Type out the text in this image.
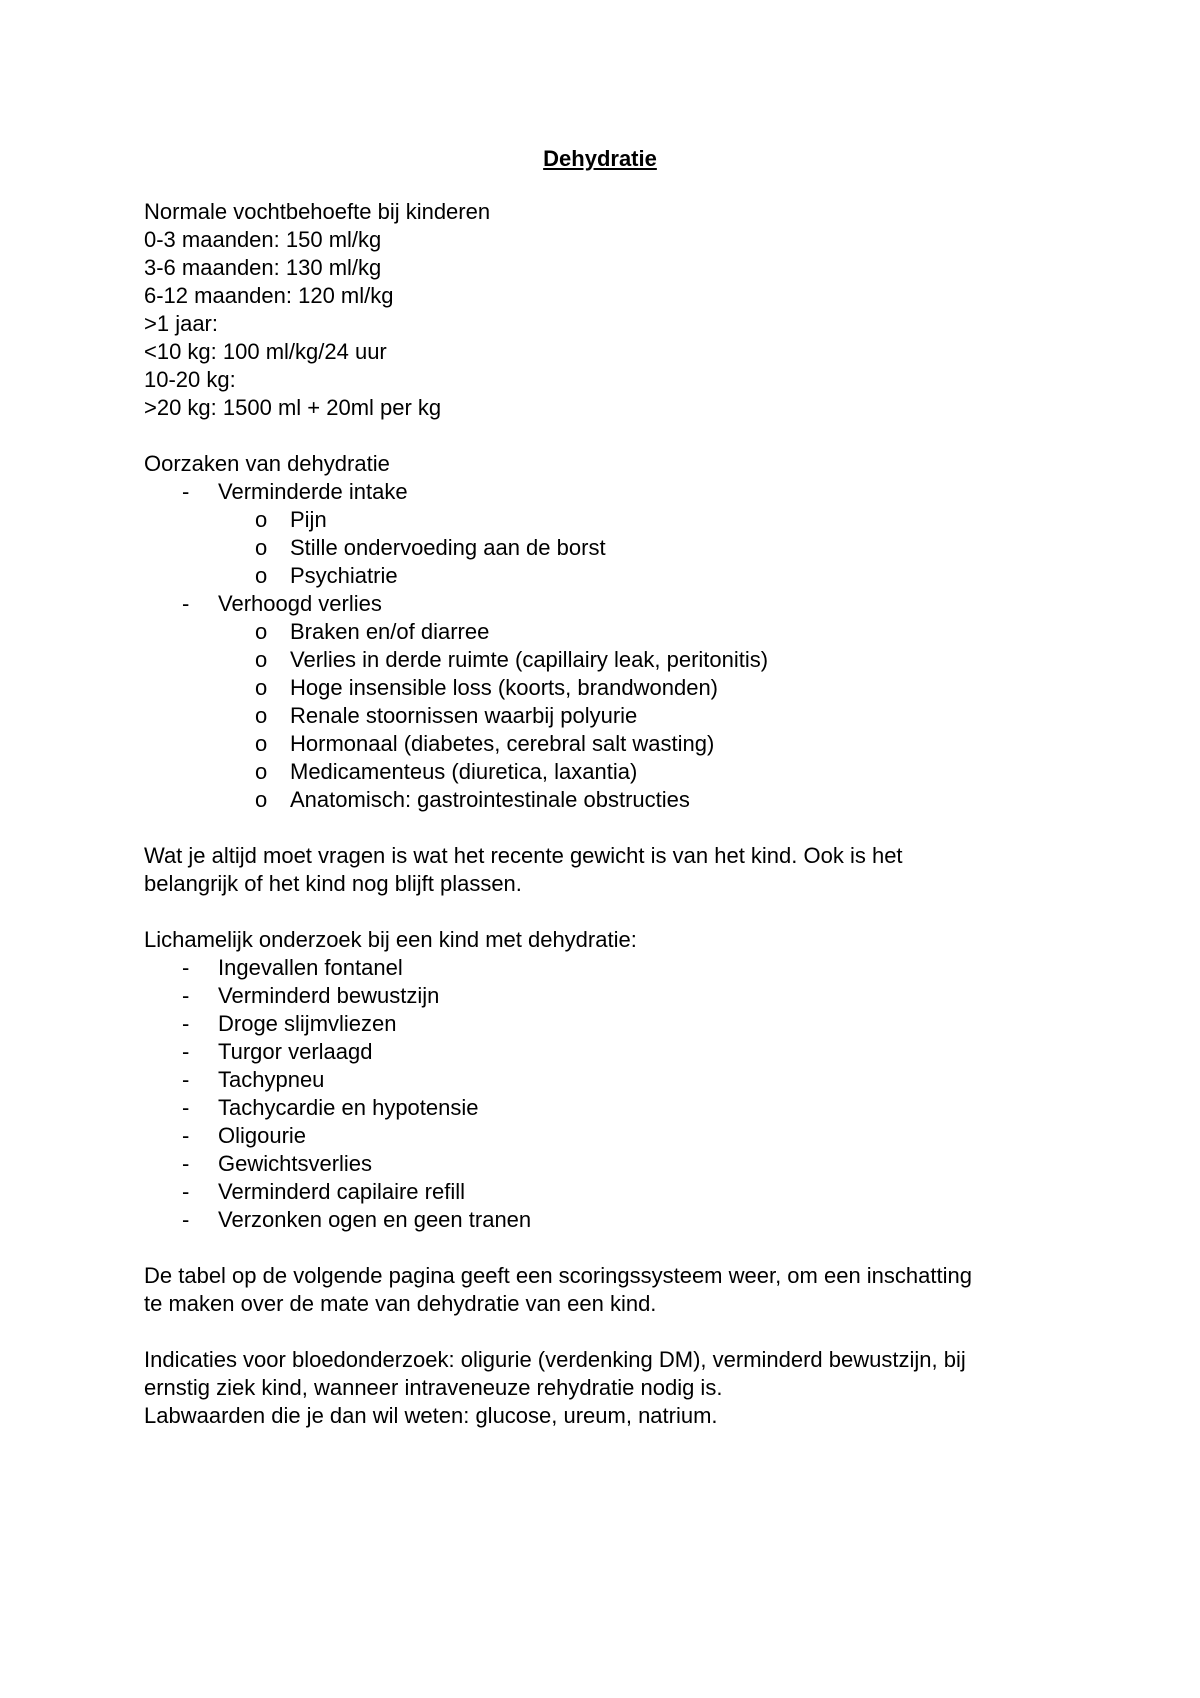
Dehydratie
Normale vochtbehoefte bij kinderen
0-3 maanden: 150 ml/kg
3-6 maanden: 130 ml/kg
6-12 maanden: 120 ml/kg
>1 jaar:
<10 kg: 100 ml/kg/24 uur
10-20 kg:
>20 kg: 1500 ml + 20ml per kg
Oorzaken van dehydratie
- Verminderde intake
o Pijn
o Stille ondervoeding aan de borst
o Psychiatrie
- Verhoogd verlies
o Braken en/of diarree
o Verlies in derde ruimte (capillairy leak, peritonitis)
o Hoge insensible loss (koorts, brandwonden)
o Renale stoornissen waarbij polyurie
o Hormonaal (diabetes, cerebral salt wasting)
o Medicamenteus (diuretica, laxantia)
o Anatomisch: gastrointestinale obstructies
Wat je altijd moet vragen is wat het recente gewicht is van het kind. Ook is het
belangrijk of het kind nog blijft plassen.
Lichamelijk onderzoek bij een kind met dehydratie:
- Ingevallen fontanel
- Verminderd bewustzijn
- Droge slijmvliezen
- Turgor verlaagd
- Tachypneu
- Tachycardie en hypotensie
- Oligourie
- Gewichtsverlies
- Verminderd capilaire refill
- Verzonken ogen en geen tranen
De tabel op de volgende pagina geeft een scoringssysteem weer, om een inschatting
te maken over de mate van dehydratie van een kind.
Indicaties voor bloedonderzoek: oligurie (verdenking DM), verminderd bewustzijn, bij
ernstig ziek kind, wanneer intraveneuze rehydratie nodig is.
Labwaarden die je dan wil weten: glucose, ureum, natrium.
